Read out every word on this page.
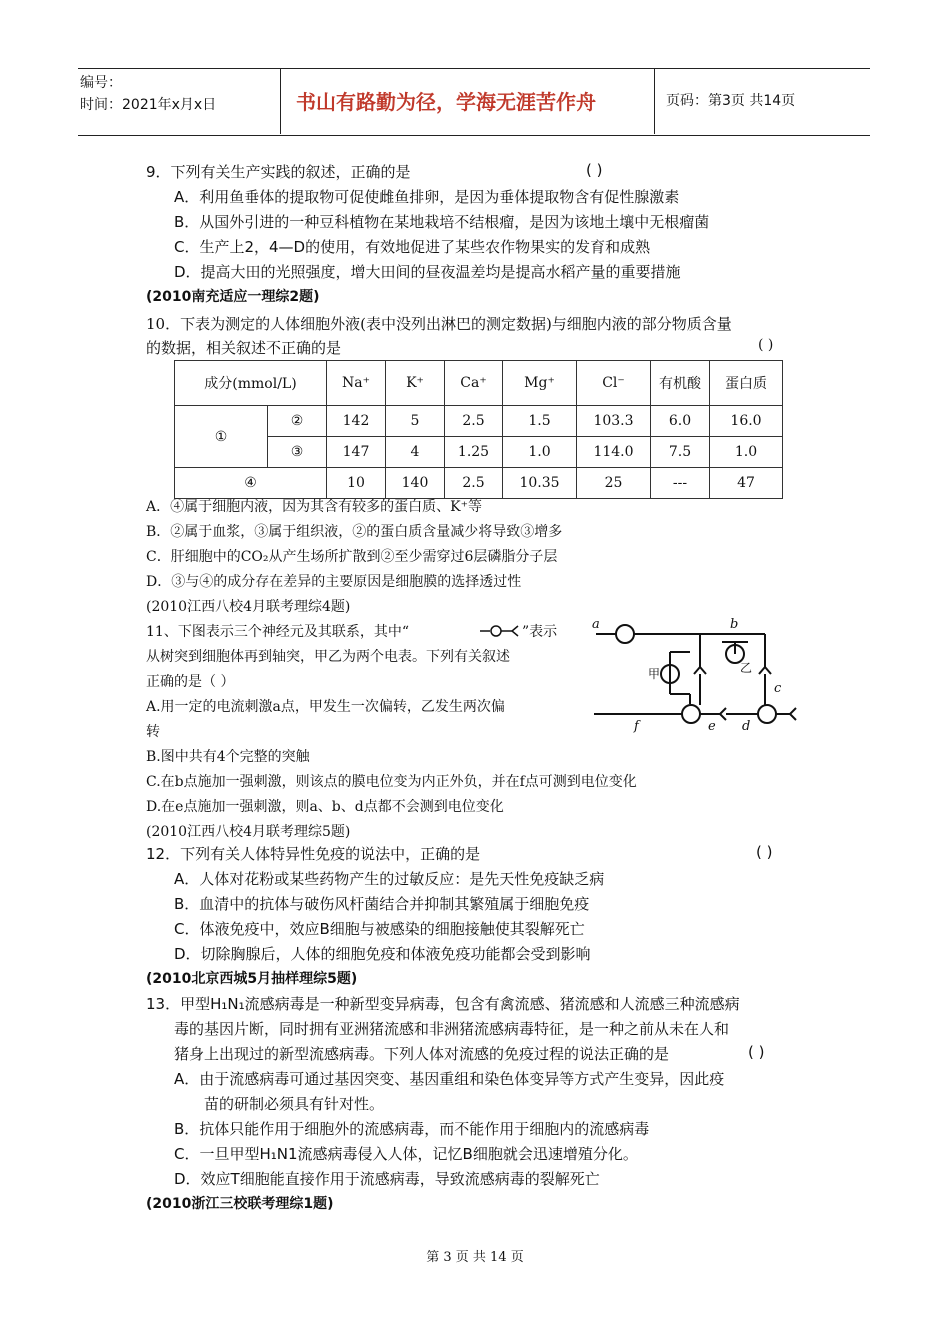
编号：
时间：2021年x月x日	书山有路勤为径，学海无涯苦作舟	页码：第3页 共14页
9．下列有关生产实践的叙述，正确的是	( )
A．利用鱼垂体的提取物可促使雌鱼排卵，是因为垂体提取物含有促性腺激素
B．从国外引进的一种豆科植物在某地栽培不结根瘤，是因为该地土壤中无根瘤菌
C．生产上2，4—D的使用，有效地促进了某些农作物果实的发育和成熟
D．提高大田的光照强度，增大田间的昼夜温差均是提高水稻产量的重要措施
(2010南充适应一理综2题)
10．下表为测定的人体细胞外液(表中没列出淋巴的测定数据)与细胞内液的部分物质含量
的数据，相关叙述不正确的是	( )
成分(mmol/L)		Na⁺	K⁺	Ca⁺	Mg⁺	Cl⁻	有机酸	蛋白质
①	②	142	5	2.5	1.5	103.3	6.0	16.0
	③	147	4	1.25	1.0	114.0	7.5	1.0
④		10	140	2.5	10.35	25	---	47
A．④属于细胞内液，因为其含有较多的蛋白质、K⁺等
B．②属于血浆，③属于组织液，②的蛋白质含量减少将导致③增多
C．肝细胞中的CO₂从产生场所扩散到②至少需穿过6层磷脂分子层
D．③与④的成分存在差异的主要原因是细胞膜的选择透过性
(2010江西八校4月联考理综4题)
11、下图表示三个神经元及其联系，其中“	”表示
从树突到细胞体再到轴突，甲乙为两个电表。下列有关叙述
正确的是（ ）
A.用一定的电流刺激a点，甲发生一次偏转，乙发生两次偏
转
B.图中共有4个完整的突触
C.在b点施加一强刺激，则该点的膜电位变为内正外负，并在f点可测到电位变化
D.在e点施加一强刺激，则a、b、d点都不会测到电位变化
(2010江西八校4月联考理综5题)
a	b
c
d
e
f
甲	乙
12．下列有关人体特异性免疫的说法中，正确的是	( )
A．人体对花粉或某些药物产生的过敏反应：是先天性免疫缺乏病
B．血清中的抗体与破伤风杆菌结合并抑制其繁殖属于细胞免疫
C．体液免疫中，效应B细胞与被感染的细胞接触使其裂解死亡
D．切除胸腺后，人体的细胞免疫和体液免疫功能都会受到影响
(2010北京西城5月抽样理综5题)
13．甲型H₁N₁流感病毒是一种新型变异病毒，包含有禽流感、猪流感和人流感三种流感病
毒的基因片断，同时拥有亚洲猪流感和非洲猪流感病毒特征，是一种之前从未在人和
猪身上出现过的新型流感病毒。下列人体对流感的免疫过程的说法正确的是	( )
A．由于流感病毒可通过基因突变、基因重组和染色体变异等方式产生变异，因此疫
苗的研制必须具有针对性。
B．抗体只能作用于细胞外的流感病毒，而不能作用于细胞内的流感病毒
C．一旦甲型H₁N1流感病毒侵入人体，记忆B细胞就会迅速增殖分化。
D．效应T细胞能直接作用于流感病毒，导致流感病毒的裂解死亡
(2010浙江三校联考理综1题)
第 3 页 共 14 页
